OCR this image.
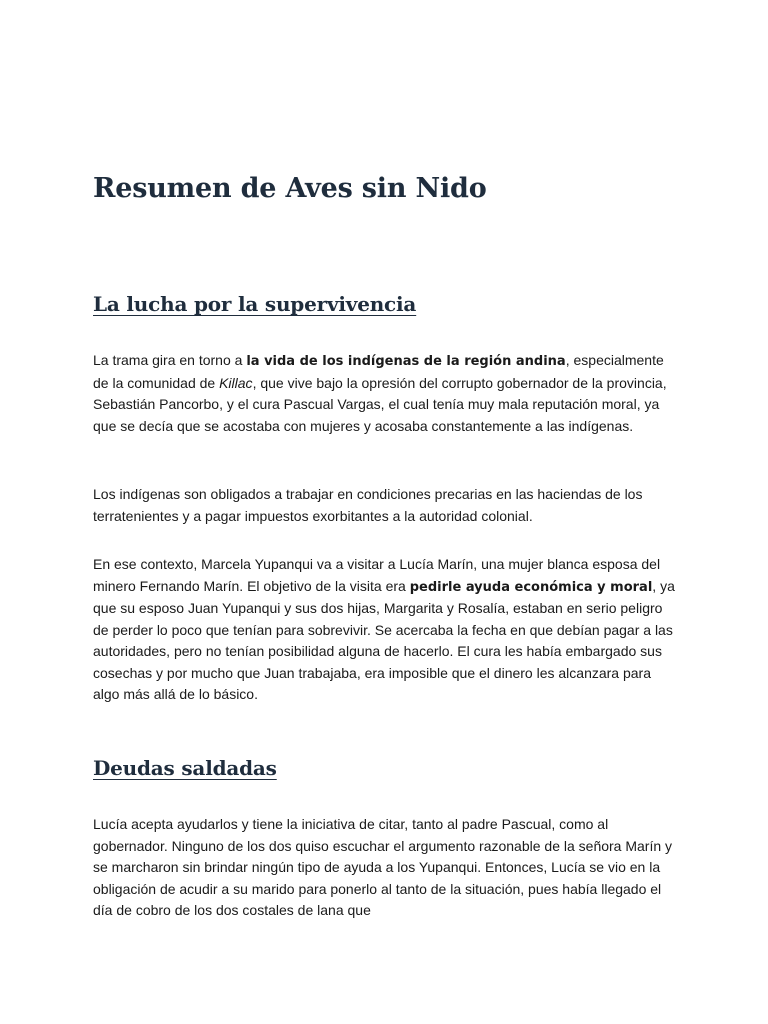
Resumen de Aves sin Nido
La lucha por la supervivencia

La trama gira en torno a la vida de los indígenas de la región andina, especialmente de la comunidad de Killac, que vive bajo la opresión del corrupto gobernador de la provincia, Sebastián Pancorbo, y el cura Pascual Vargas, el cual tenía muy mala reputación moral, ya que se decía que se acostaba con mujeres y acosaba constantemente a las indígenas.

Los indígenas son obligados a trabajar en condiciones precarias en las haciendas de los terratenientes y a pagar impuestos exorbitantes a la autoridad colonial.

En ese contexto, Marcela Yupanqui va a visitar a Lucía Marín, una mujer blanca esposa del minero Fernando Marín. El objetivo de la visita era pedirle ayuda económica y moral, ya que su esposo Juan Yupanqui y sus dos hijas, Margarita y Rosalía, estaban en serio peligro de perder lo poco que tenían para sobrevivir. Se acercaba la fecha en que debían pagar a las autoridades, pero no tenían posibilidad alguna de hacerlo. El cura les había embargado sus cosechas y por mucho que Juan trabajaba, era imposible que el dinero les alcanzara para algo más allá de lo básico.

Deudas saldadas

Lucía acepta ayudarlos y tiene la iniciativa de citar, tanto al padre Pascual, como al gobernador. Ninguno de los dos quiso escuchar el argumento razonable de la señora Marín y se marcharon sin brindar ningún tipo de ayuda a los Yupanqui. Entonces, Lucía se vio en la obligación de acudir a su marido para ponerlo al tanto de la situación, pues había llegado el día de cobro de los dos costales de lana que
